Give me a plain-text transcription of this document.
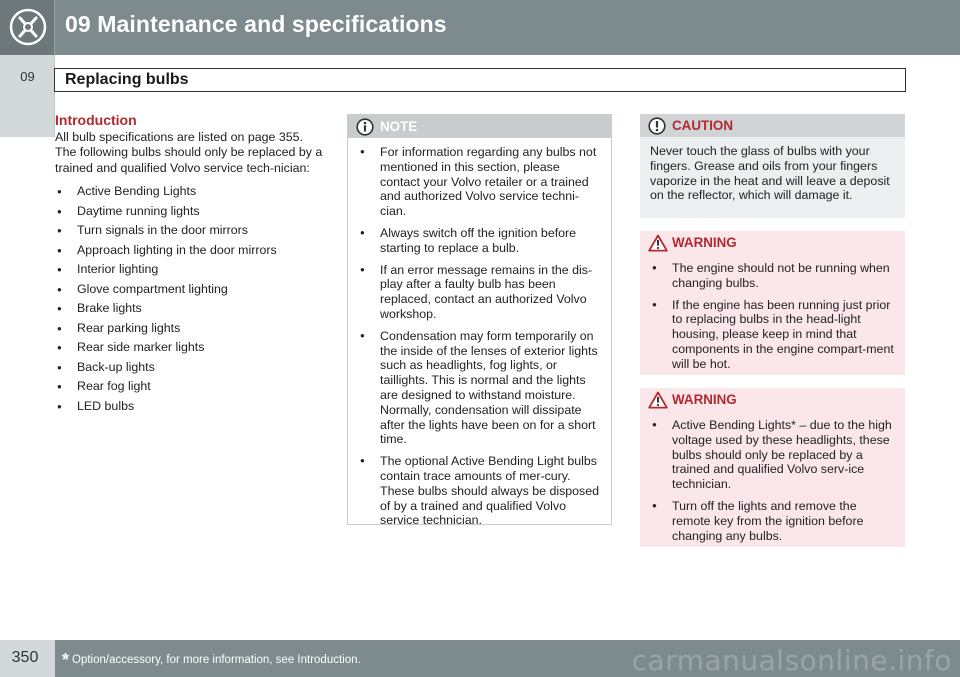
09 Maintenance and specifications
09	Replacing bulbs
Introduction

All bulb specifications are listed on page 355. The following bulbs should only be replaced by a trained and qualified Volvo service tech-nician:

● Active Bending Lights
● Daytime running lights
● Turn signals in the door mirrors
● Approach lighting in the door mirrors
● Interior lighting
● Glove compartment lighting
● Brake lights
● Rear parking lights
● Rear side marker lights
● Back-up lights
● Rear fog light
● LED bulbs
NOTE
● For information regarding any bulbs not mentioned in this section, please contact your Volvo retailer or a trained and authorized Volvo service techni-cian.
● Always switch off the ignition before starting to replace a bulb.
● If an error message remains in the dis-play after a faulty bulb has been replaced, contact an authorized Volvo workshop.
● Condensation may form temporarily on the inside of the lenses of exterior lights such as headlights, fog lights, or taillights. This is normal and the lights are designed to withstand moisture. Normally, condensation will dissipate after the lights have been on for a short time.
● The optional Active Bending Light bulbs contain trace amounts of mer-cury. These bulbs should always be disposed of by a trained and qualified Volvo service technician.
CAUTION

Never touch the glass of bulbs with your fingers. Grease and oils from your fingers vaporize in the heat and will leave a deposit on the reflector, which will damage it.

WARNING
● The engine should not be running when changing bulbs.
● If the engine has been running just prior to replacing bulbs in the head-light housing, please keep in mind that components in the engine compart-ment will be hot.
WARNING
● Active Bending Lights* – due to the high voltage used by these headlights, these bulbs should only be replaced by a trained and qualified Volvo serv-ice technician.
● Turn off the lights and remove the remote key from the ignition before changing any bulbs.
350	* Option/accessory, for more information, see Introduction.	carmanualsonline.info
